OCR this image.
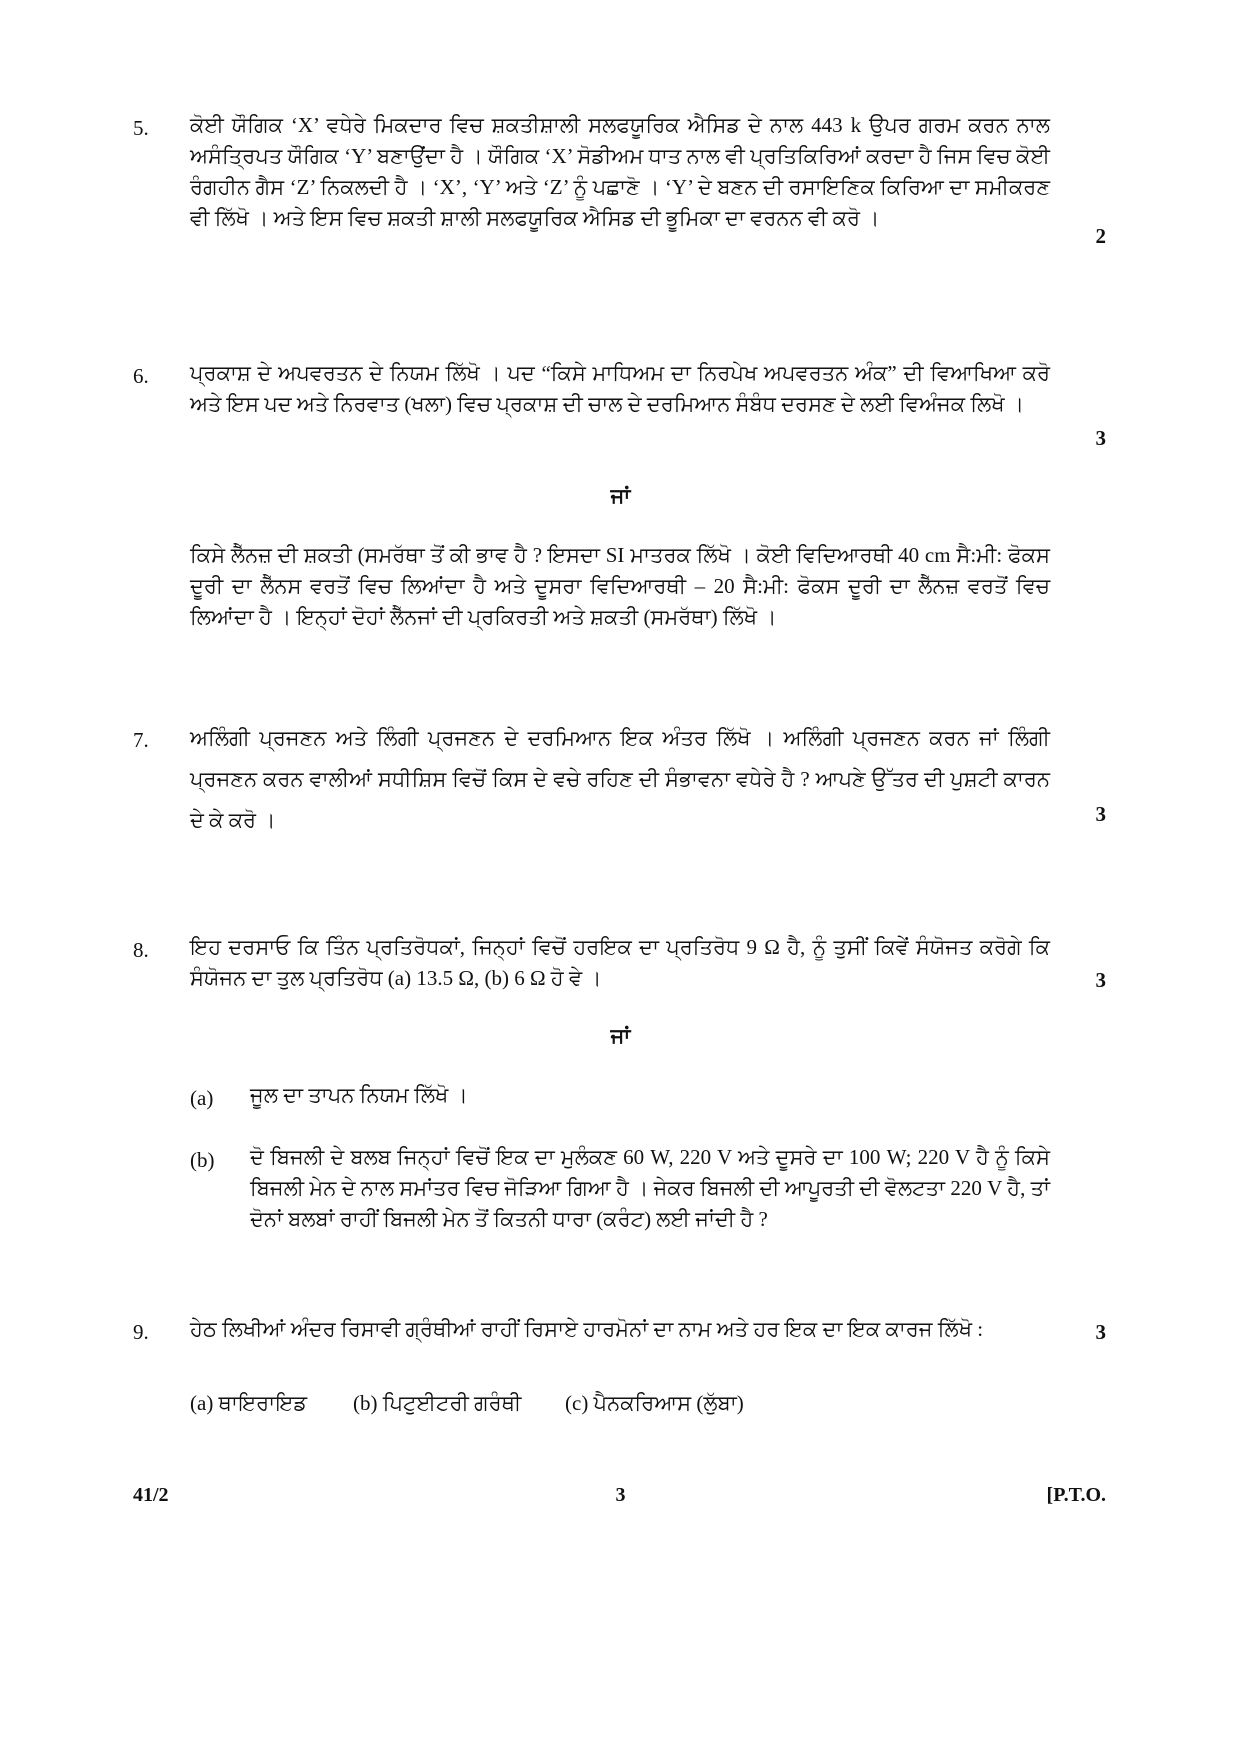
5. ਕੋਈ ਯੌਗਿਕ ‘X’ ਵਧੇਰੇ ਮਿਕਦਾਰ ਵਿਚ ਸ਼ਕਤੀਸ਼ਾਲੀ ਸਲਫਯੂਰਿਕ ਐਸਿਡ ਦੇ ਨਾਲ 443 k ਉਪਰ ਗਰਮ ਕਰਨ ਨਾਲ ਅਸੰਤ੍ਰਿਪਤ ਯੌਗਿਕ ‘Y’ ਬਣਾਉਂਦਾ ਹੈ । ਯੌਗਿਕ ‘X’ ਸੋਡੀਅਮ ਧਾਤ ਨਾਲ ਵੀ ਪ੍ਰਤਿਕਿਰਿਆਂ ਕਰਦਾ ਹੈ ਜਿਸ ਵਿਚ ਕੋਈ ਰੰਗਹੀਨ ਗੈਸ ‘Z’ ਨਿਕਲਦੀ ਹੈ । ‘X’, ‘Y’ ਅਤੇ ‘Z’ ਨੂੰ ਪਛਾਣੋ । ‘Y’ ਦੇ ਬਣਨ ਦੀ ਰਸਾਇਣਿਕ ਕਿਰਿਆ ਦਾ ਸਮੀਕਰਣ ਵੀ ਲਿੱਖੋ । ਅਤੇ ਇਸ ਵਿਚ ਸ਼ਕਤੀ ਸ਼ਾਲੀ ਸਲਫਯੂਰਿਕ ਐਸਿਡ ਦੀ ਭੂਮਿਕਾ ਦਾ ਵਰਨਨ ਵੀ ਕਰੋ ।
2
6. ਪ੍ਰਕਾਸ਼ ਦੇ ਅਪਵਰਤਨ ਦੇ ਨਿਯਮ ਲਿੱਖੋ । ਪਦ “ਕਿਸੇ ਮਾਧਿਅਮ ਦਾ ਨਿਰਪੇਖ ਅਪਵਰਤਨ ਅੰਕ” ਦੀ ਵਿਆਖਿਆ ਕਰੋ ਅਤੇ ਇਸ ਪਦ ਅਤੇ ਨਿਰਵਾਤ (ਖਲਾ) ਵਿਚ ਪ੍ਰਕਾਸ਼ ਦੀ ਚਾਲ ਦੇ ਦਰਮਿਆਨ ਸੰਬੰਧ ਦਰਸਣ ਦੇ ਲਈ ਵਿਅੰਜਕ ਲਿਖੋ ।
3
ਜਾਂ
ਕਿਸੇ ਲੈੱਨਜ਼ ਦੀ ਸ਼ਕਤੀ (ਸਮਰੱਥਾ ਤੋਂ ਕੀ ਭਾਵ ਹੈ ? ਇਸਦਾ SI ਮਾਤਰਕ ਲਿੱਖੋ । ਕੋਈ ਵਿਦਿਆਰਥੀ 40 cm ਸੈ:ਮੀ: ਫੋਕਸ ਦੂਰੀ ਦਾ ਲੈੱਨਸ ਵਰਤੋਂ ਵਿਚ ਲਿਆਂਦਾ ਹੈ ਅਤੇ ਦੂਸਰਾ ਵਿਦਿਆਰਥੀ – 20 ਸੈ:ਮੀ: ਫੋਕਸ ਦੂਰੀ ਦਾ ਲੈੱਨਜ਼ ਵਰਤੋਂ ਵਿਚ ਲਿਆਂਦਾ ਹੈ । ਇਨ੍ਹਾਂ ਦੋਹਾਂ ਲੈੱਨਜਾਂ ਦੀ ਪ੍ਰਕਿਰਤੀ ਅਤੇ ਸ਼ਕਤੀ (ਸਮਰੱਥਾ) ਲਿੱਖੋ ।
7. ਅਲਿੰਗੀ ਪ੍ਰਜਣਨ ਅਤੇ ਲਿੰਗੀ ਪ੍ਰਜਣਨ ਦੇ ਦਰਮਿਆਨ ਇਕ ਅੰਤਰ ਲਿੱਖੋ । ਅਲਿੰਗੀ ਪ੍ਰਜਣਨ ਕਰਨ ਜਾਂ ਲਿੰਗੀ ਪ੍ਰਜਣਨ ਕਰਨ ਵਾਲੀਆਂ ਸਧੀਸ਼ਿਸ ਵਿਚੋਂ ਕਿਸ ਦੇ ਵਚੇ ਰਹਿਣ ਦੀ ਸੰਭਾਵਨਾ ਵਧੇਰੇ ਹੈ ? ਆਪਣੇ ਉੱਤਰ ਦੀ ਪੁਸ਼ਟੀ ਕਾਰਨ ਦੇ ਕੇ ਕਰੋ ।	3
8. ਇਹ ਦਰਸਾਓ ਕਿ ਤਿੰਨ ਪ੍ਰਤਿਰੋਧਕਾਂ, ਜਿਨ੍ਹਾਂ ਵਿਚੋਂ ਹਰਇਕ ਦਾ ਪ੍ਰਤਿਰੋਧ 9 Ω ਹੈ, ਨੂੰ ਤੁਸੀਂ ਕਿਵੇਂ ਸੰਯੋਜਤ ਕਰੋਗੇ ਕਿ ਸੰਯੋਜਨ ਦਾ ਤੁਲ ਪ੍ਰਤਿਰੋਧ (a) 13.5 Ω, (b) 6 Ω ਹੋ ਵੇ ।	3
ਜਾਂ
(a) ਜੂਲ ਦਾ ਤਾਪਨ ਨਿਯਮ ਲਿੱਖੋ ।
(b) ਦੋ ਬਿਜਲੀ ਦੇ ਬਲਬ ਜਿਨ੍ਹਾਂ ਵਿਚੋਂ ਇਕ ਦਾ ਮੁਲੰਕਣ 60 W, 220 V ਅਤੇ ਦੂਸਰੇ ਦਾ 100 W; 220 V ਹੈ ਨੂੰ ਕਿਸੇ ਬਿਜਲੀ ਮੇਨ ਦੇ ਨਾਲ ਸਮਾਂਤਰ ਵਿਚ ਜੋੜਿਆ ਗਿਆ ਹੈ । ਜੇਕਰ ਬਿਜਲੀ ਦੀ ਆਪੂਰਤੀ ਦੀ ਵੋਲਟਤਾ 220 V ਹੈ, ਤਾਂ ਦੋਨਾਂ ਬਲਬਾਂ ਰਾਹੀਂ ਬਿਜਲੀ ਮੇਨ ਤੋਂ ਕਿਤਨੀ ਧਾਰਾ (ਕਰੰਟ) ਲਈ ਜਾਂਦੀ ਹੈ ?
9. ਹੇਠ ਲਿਖੀਆਂ ਅੰਦਰ ਰਿਸਾਵੀ ਗ੍ਰੰਥੀਆਂ ਰਾਹੀਂ ਰਿਸਾਏ ਹਾਰਮੋਨਾਂ ਦਾ ਨਾਮ ਅਤੇ ਹਰ ਇਕ ਦਾ ਇਕ ਕਾਰਜ ਲਿੱਖੋ :	3
(a) ਥਾਇਰਾਇਡ (b) ਪਿਟੁਈਟਰੀ ਗਰੰਥੀ (c) ਪੈਨਕਰਿਆਸ (ਲੁੱਬਾ)
41/2	3	[P.T.O.
